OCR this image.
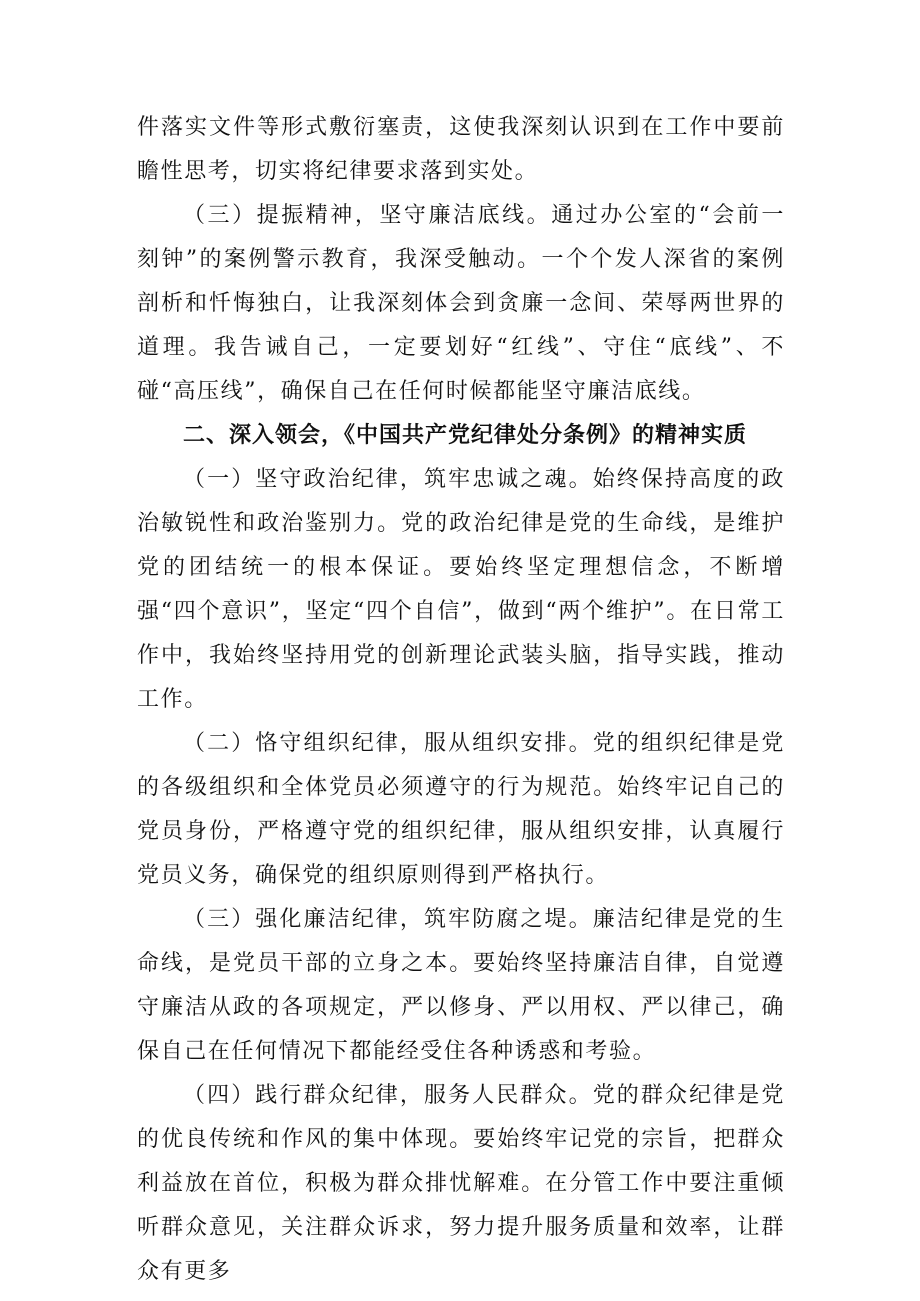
件落实文件等形式敷衍塞责，这使我深刻认识到在工作中要前瞻性思考，切实将纪律要求落到实处。

（三）提振精神，坚守廉洁底线。通过办公室的“会前一刻钟”的案例警示教育，我深受触动。一个个发人深省的案例剖析和忏悔独白，让我深刻体会到贪廉一念间、荣辱两世界的道理。我告诫自己，一定要划好“红线”、守住“底线”、不碰“高压线”，确保自己在任何时候都能坚守廉洁底线。

二、深入领会，《中国共产党纪律处分条例》的精神实质

（一）坚守政治纪律，筑牢忠诚之魂。始终保持高度的政治敏锐性和政治鉴别力。党的政治纪律是党的生命线，是维护党的团结统一的根本保证。要始终坚定理想信念，不断增强“四个意识”，坚定“四个自信”，做到“两个维护”。在日常工作中，我始终坚持用党的创新理论武装头脑，指导实践，推动工作。

（二）恪守组织纪律，服从组织安排。党的组织纪律是党的各级组织和全体党员必须遵守的行为规范。始终牢记自己的党员身份，严格遵守党的组织纪律，服从组织安排，认真履行党员义务，确保党的组织原则得到严格执行。

（三）强化廉洁纪律，筑牢防腐之堤。廉洁纪律是党的生命线，是党员干部的立身之本。要始终坚持廉洁自律，自觉遵守廉洁从政的各项规定，严以修身、严以用权、严以律己，确保自己在任何情况下都能经受住各种诱惑和考验。

（四）践行群众纪律，服务人民群众。党的群众纪律是党的优良传统和作风的集中体现。要始终牢记党的宗旨，把群众利益放在首位，积极为群众排忧解难。在分管工作中要注重倾听群众意见，关注群众诉求，努力提升服务质量和效率，让群众有更多
